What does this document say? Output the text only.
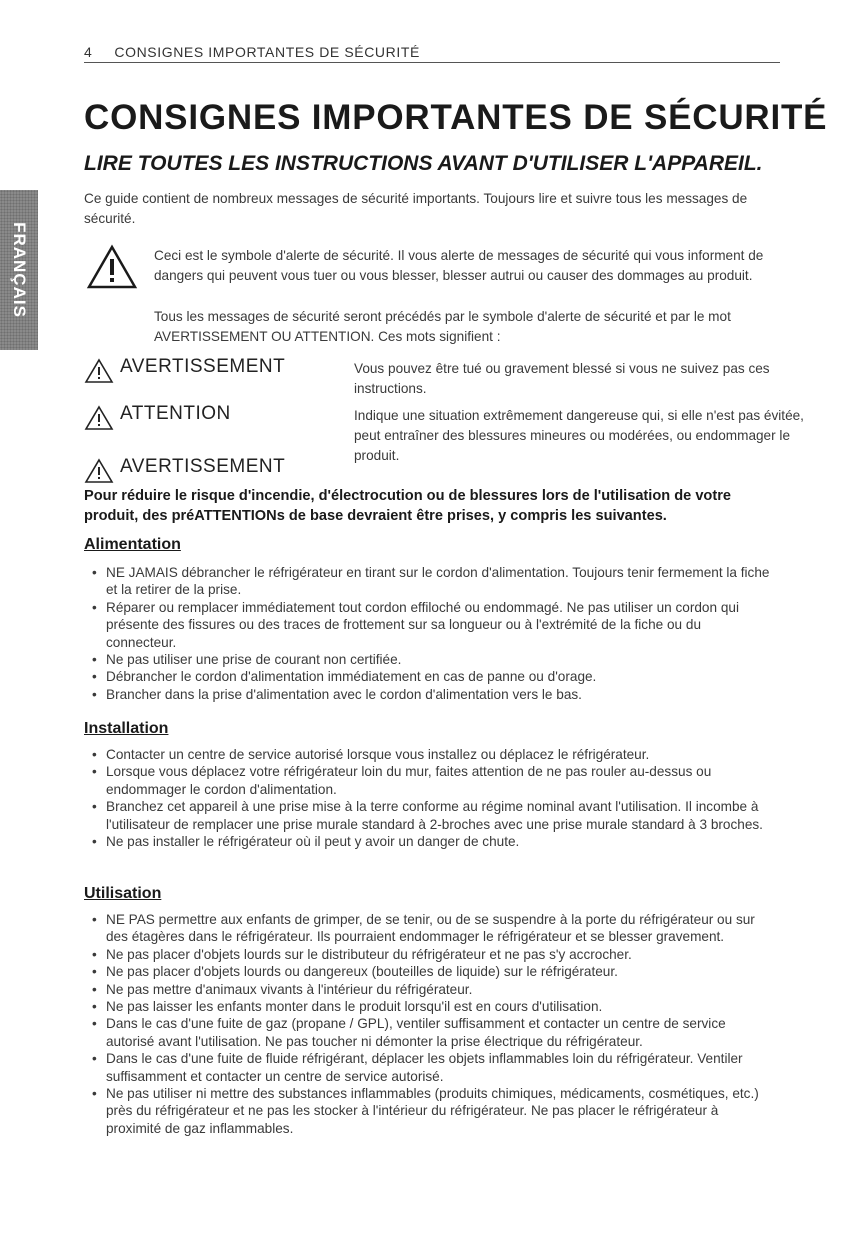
4 CONSIGNES IMPORTANTES DE SÉCURITÉ
FRANÇAIS
CONSIGNES IMPORTANTES DE SÉCURITÉ
LIRE TOUTES LES INSTRUCTIONS AVANT D'UTILISER L'APPAREIL.
Ce guide contient de nombreux messages de sécurité importants. Toujours lire et suivre tous les messages de sécurité.
Ceci est le symbole d'alerte de sécurité. Il vous alerte de messages de sécurité qui vous informent de dangers qui peuvent vous tuer ou vous blesser, blesser autrui ou causer des dommages au produit.
Tous les messages de sécurité seront précédés par le symbole d'alerte de sécurité et par le mot AVERTISSEMENT OU ATTENTION. Ces mots signifient :
AVERTISSEMENT	Vous pouvez être tué ou gravement blessé si vous ne suivez pas ces instructions.
ATTENTION	Indique une situation extrêmement dangereuse qui, si elle n'est pas évitée, peut entraîner des blessures mineures ou modérées, ou endommager le produit.
AVERTISSEMENT
Pour réduire le risque d'incendie, d'électrocution ou de blessures lors de l'utilisation de votre produit, des préATTENTIONs de base devraient être prises, y compris les suivantes.
Alimentation
• NE JAMAIS débrancher le réfrigérateur en tirant sur le cordon d'alimentation. Toujours tenir fermement la fiche et la retirer de la prise.
• Réparer ou remplacer immédiatement tout cordon effiloché ou endommagé. Ne pas utiliser un cordon qui présente des fissures ou des traces de frottement sur sa longueur ou à l'extrémité de la fiche ou du connecteur.
• Ne pas utiliser une prise de courant non certifiée.
• Débrancher le cordon d'alimentation immédiatement en cas de panne ou d'orage.
• Brancher dans la prise d'alimentation avec le cordon d'alimentation vers le bas.
Installation
• Contacter un centre de service autorisé lorsque vous installez ou déplacez le réfrigérateur.
• Lorsque vous déplacez votre réfrigérateur loin du mur, faites attention de ne pas rouler au-dessus ou endommager le cordon d'alimentation.
• Branchez cet appareil à une prise mise à la terre conforme au régime nominal avant l'utilisation. Il incombe à l'utilisateur de remplacer une prise murale standard à 2-broches avec une prise murale standard à 3 broches.
• Ne pas installer le réfrigérateur où il peut y avoir un danger de chute.
Utilisation
• NE PAS permettre aux enfants de grimper, de se tenir, ou de se suspendre à la porte du réfrigérateur ou sur des étagères dans le réfrigérateur. Ils pourraient endommager le réfrigérateur et se blesser gravement.
• Ne pas placer d'objets lourds sur le distributeur du réfrigérateur et ne pas s'y accrocher.
• Ne pas placer d'objets lourds ou dangereux (bouteilles de liquide) sur le réfrigérateur.
• Ne pas mettre d'animaux vivants à l'intérieur du réfrigérateur.
• Ne pas laisser les enfants monter dans le produit lorsqu'il est en cours d'utilisation.
• Dans le cas d'une fuite de gaz (propane / GPL), ventiler suffisamment et contacter un centre de service autorisé avant l'utilisation. Ne pas toucher ni démonter la prise électrique du réfrigérateur.
• Dans le cas d'une fuite de fluide réfrigérant, déplacer les objets inflammables loin du réfrigérateur. Ventiler suffisamment et contacter un centre de service autorisé.
• Ne pas utiliser ni mettre des substances inflammables (produits chimiques, médicaments, cosmétiques, etc.) près du réfrigérateur et ne pas les stocker à l'intérieur du réfrigérateur. Ne pas placer le réfrigérateur à proximité de gaz inflammables.
